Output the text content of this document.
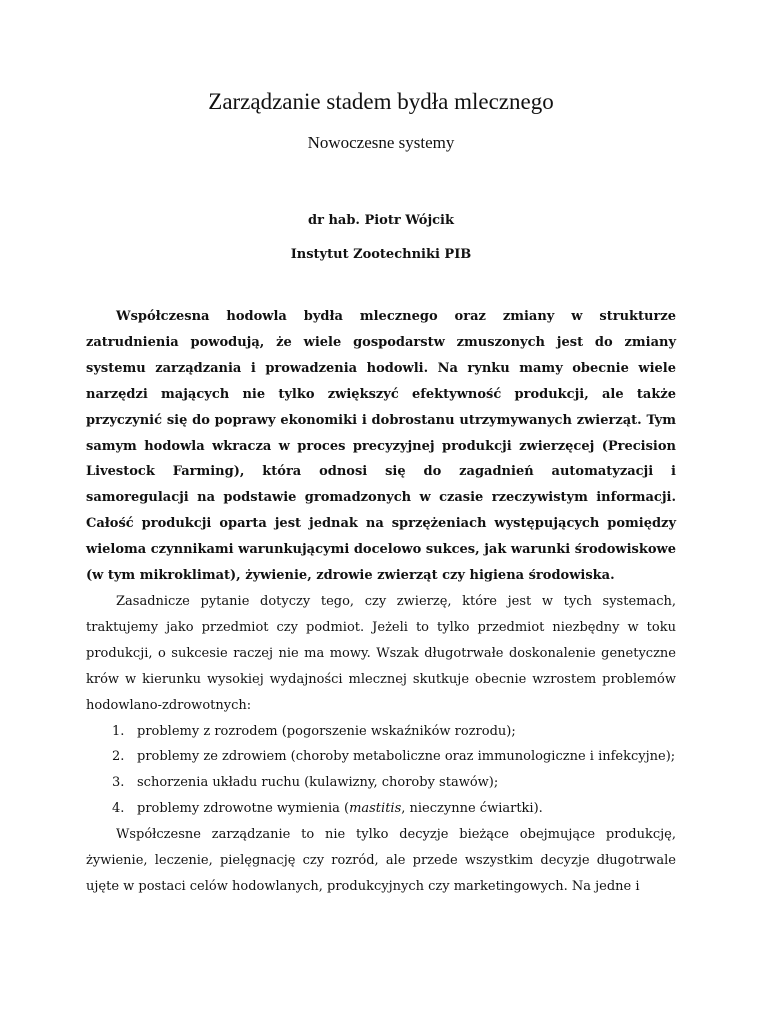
Zarządzanie stadem bydła mlecznego
Nowoczesne systemy
dr hab. Piotr Wójcik
Instytut Zootechniki PIB

Współczesna hodowla bydła mlecznego oraz zmiany w strukturze zatrudnienia powodują, że wiele gospodarstw zmuszonych jest do zmiany systemu zarządzania i prowadzenia hodowli. Na rynku mamy obecnie wiele narzędzi mających nie tylko zwiększyć efektywność produkcji, ale także przyczynić się do poprawy ekonomiki i dobrostanu utrzymywanych zwierząt. Tym samym hodowla wkracza w proces precyzyjnej produkcji zwierzęcej (Precision Livestock Farming), która odnosi się do zagadnień automatyzacji i samoregulacji na podstawie gromadzonych w czasie rzeczywistym informacji. Całość produkcji oparta jest jednak na sprzężeniach występujących pomiędzy wieloma czynnikami warunkującymi docelowo sukces, jak warunki środowiskowe (w tym mikroklimat), żywienie, zdrowie zwierząt czy higiena środowiska.

Zasadnicze pytanie dotyczy tego, czy zwierzę, które jest w tych systemach, traktujemy jako przedmiot czy podmiot. Jeżeli to tylko przedmiot niezbędny w toku produkcji, o sukcesie raczej nie ma mowy. Wszak długotrwałe doskonalenie genetyczne krów w kierunku wysokiej wydajności mlecznej skutkuje obecnie wzrostem problemów hodowlano-zdrowotnych:

1. problemy z rozrodem (pogorszenie wskaźników rozrodu);
2. problemy ze zdrowiem (choroby metaboliczne oraz immunologiczne i infekcyjne);
3. schorzenia układu ruchu (kulawizny, choroby stawów);
4. problemy zdrowotne wymienia (mastitis, nieczynne ćwiartki).

Współczesne zarządzanie to nie tylko decyzje bieżące obejmujące produkcję, żywienie, leczenie, pielęgnację czy rozród, ale przede wszystkim decyzje długotrwale ujęte w postaci celów hodowlanych, produkcyjnych czy marketingowych. Na jedne i
